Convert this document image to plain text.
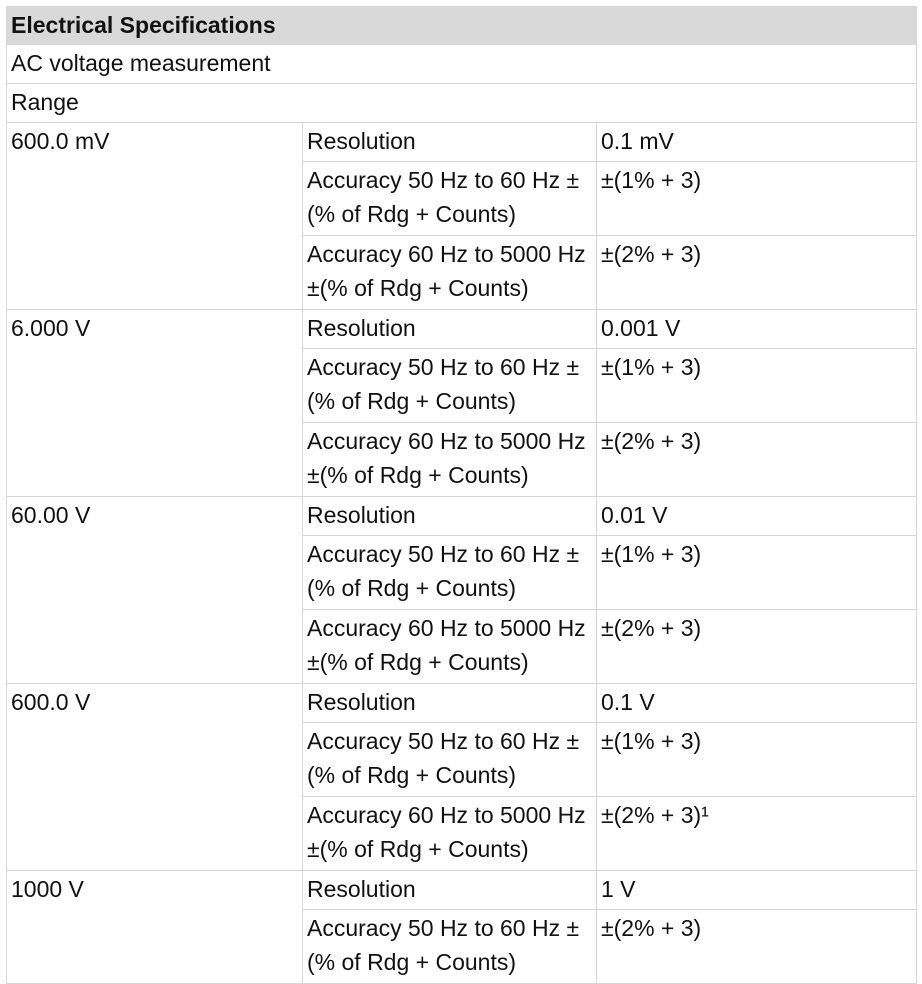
Electrical Specifications		
AC voltage measurement		
Range		
600.0 mV	Resolution	0.1 mV
	Accuracy 50 Hz to 60 Hz ±(% of Rdg + Counts)	±(1% + 3)
	Accuracy 60 Hz to 5000 Hz ±(% of Rdg + Counts)	±(2% + 3)
6.000 V	Resolution	0.001 V
	Accuracy 50 Hz to 60 Hz ±(% of Rdg + Counts)	±(1% + 3)
	Accuracy 60 Hz to 5000 Hz ±(% of Rdg + Counts)	±(2% + 3)
60.00 V	Resolution	0.01 V
	Accuracy 50 Hz to 60 Hz ±(% of Rdg + Counts)	±(1% + 3)
	Accuracy 60 Hz to 5000 Hz ±(% of Rdg + Counts)	±(2% + 3)
600.0 V	Resolution	0.1 V
	Accuracy 50 Hz to 60 Hz ±(% of Rdg + Counts)	±(1% + 3)
	Accuracy 60 Hz to 5000 Hz ±(% of Rdg + Counts)	±(2% + 3)¹
1000 V	Resolution	1 V
	Accuracy 50 Hz to 60 Hz ±(% of Rdg + Counts)	±(2% + 3)
